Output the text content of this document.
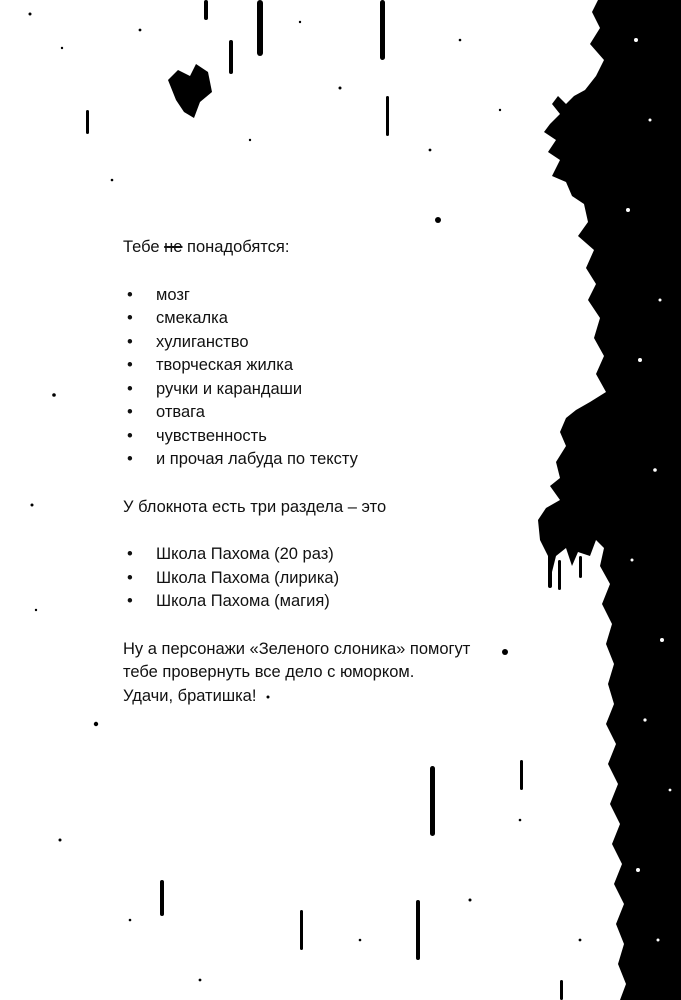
Тебе не понадобятся:

• мозг
• смекалка
• хулиганство
• творческая жилка
• ручки и карандаши
• отвага
• чувственность
• и прочая лабуда по тексту

У блокнота есть три раздела – это

• Школа Пахома (20 раз)
• Школа Пахома (лирика)
• Школа Пахома (магия)

Ну а персонажи «Зеленого слоника» помогут

тебе провернуть все дело с юморком.

Удачи, братишка!
